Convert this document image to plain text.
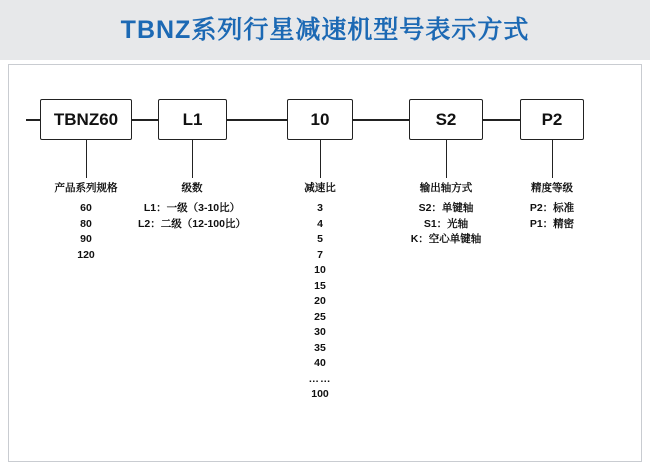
TBNZ系列行星减速机型号表示方式
TBNZ60	L1	10	S2	P2
产品系列规格
60
80
90
120
级数
L1：一级（3-10比）
L2：二级（12-100比）
减速比
3
4
5
7
10
15
20
25
30
35
40
……
100
输出轴方式
S2：单键轴
S1：光轴
K：空心单键轴
精度等级
P2：标准
P1：精密
